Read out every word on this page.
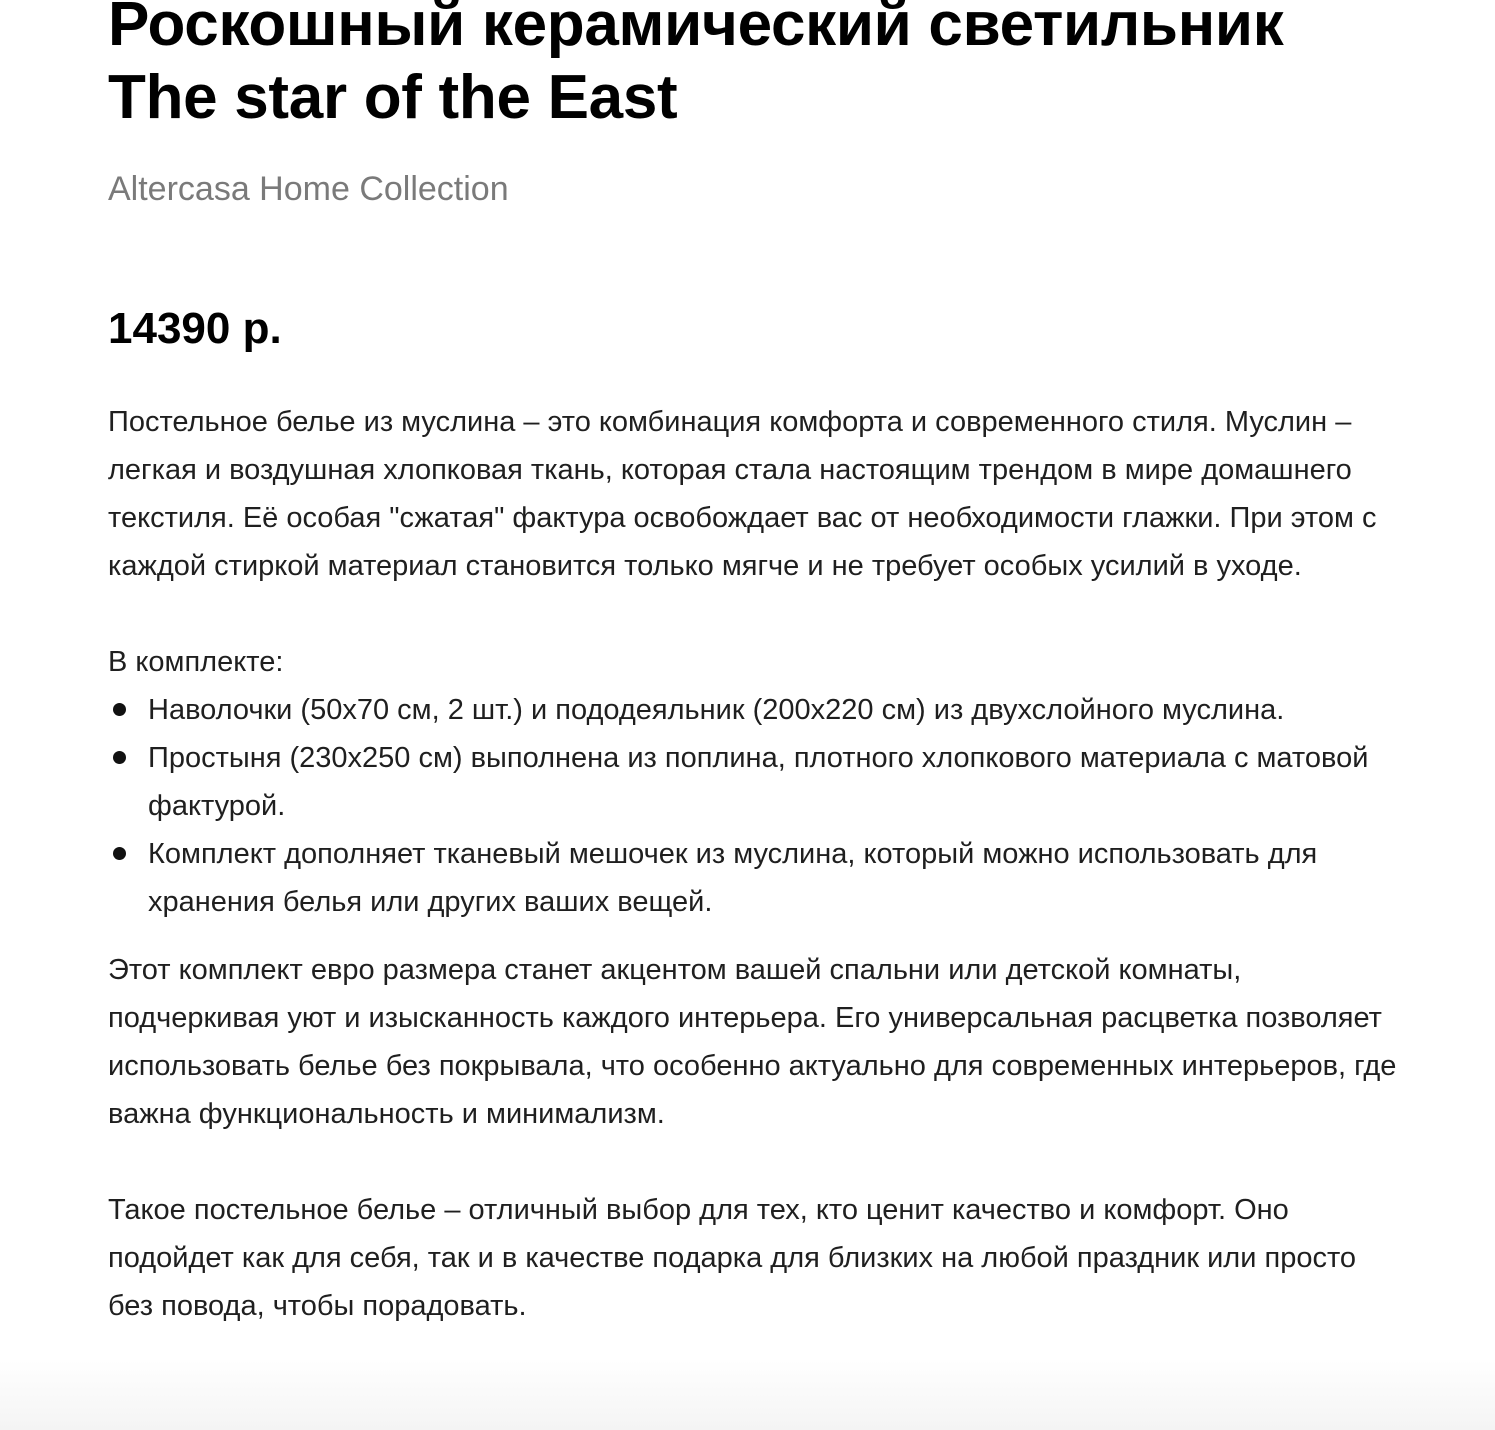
Роскошный керамический светильник
The star of the East
Altercasa Home Collection
14390 р.
Постельное белье из муслина – это комбинация комфорта и современного стиля. Муслин – легкая и воздушная хлопковая ткань, которая стала настоящим трендом в мире домашнего текстиля. Её особая "сжатая" фактура освобождает вас от необходимости глажки. При этом с каждой стиркой материал становится только мягче и не требует особых усилий в уходе.
В комплекте:
Наволочки (50х70 см, 2 шт.) и пододеяльник (200х220 см) из двухслойного муслина.
Простыня (230х250 см) выполнена из поплина, плотного хлопкового материала с матовой фактурой.
Комплект дополняет тканевый мешочек из муслина, который можно использовать для хранения белья или других ваших вещей.
Этот комплект евро размера станет акцентом вашей спальни или детской комнаты, подчеркивая уют и изысканность каждого интерьера. Его универсальная расцветка позволяет использовать белье без покрывала, что особенно актуально для современных интерьеров, где важна функциональность и минимализм.
Такое постельное белье – отличный выбор для тех, кто ценит качество и комфорт. Оно подойдет как для себя, так и в качестве подарка для близких на любой праздник или просто без повода, чтобы порадовать.
